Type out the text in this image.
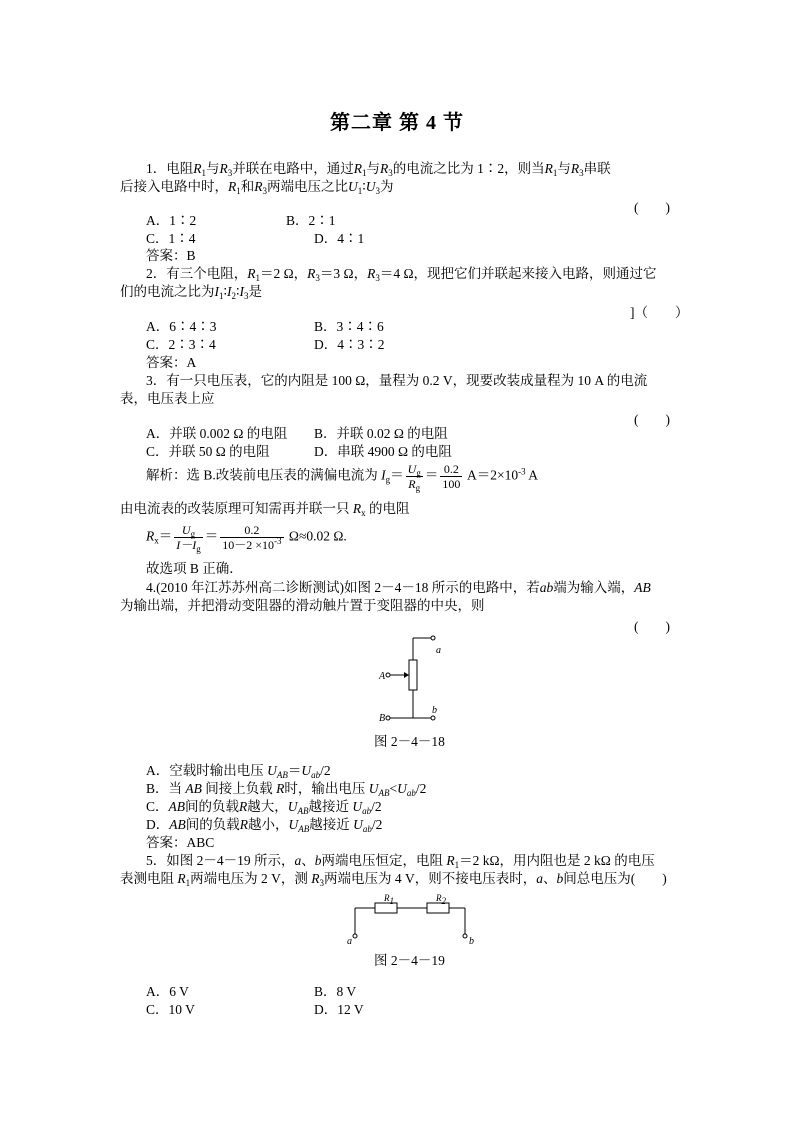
第二章 第 4 节
1．电阻$R_1$与$R_3$并联在电路中，通过$R_1$与$R_3$的电流之比为 1∶2，则当$R_1$与$R_3$串联
后接入电路中时，$R_1$和$R_3$两端电压之比$U_1∶U_3$为
(　　)
A．1∶2	B．2∶1
C．1∶4	D．4∶1
答案：B
2．有三个电阻，$R_1=2$ Ω，$R_3=3$ Ω，$R_3=4$ Ω，现把它们并联起来接入电路，则通过它
们的电流之比为$I_1∶I_2∶I_3$是
]（　　）
A．6∶4∶3	B．3∶4∶6
C．2∶3∶4	D．4∶3∶2
答案：A
3．有一只电压表，它的内阻是 100 Ω，量程为 0.2 V，现要改装成量程为 10 A 的电流
表，电压表上应
(　　)
A．并联 0.002 Ω 的电阻	B．并联 0.02 Ω 的电阻
C．并联 50 Ω 的电阻	D．串联 4900 Ω 的电阻
解析：选 B.改装前电压表的满偏电流为 $I_g= \frac{U_g}{R_g} = \frac{0.2}{100} A=2\times 10^{-3}$ A
由电流表的改装原理可知需再并联一只 $R_x$ 的电阻
$R_x= \frac{U_g}{I-I_g} = \frac{0.2}{10-2 \times 10^{-3}} \Omega\approx 0.02$ Ω.
故选项 B 正确．
4.(2010 年江苏苏州高二诊断测试)如图 2－4－18 所示的电路中，若ab端为输入端，AB
为输出端，并把滑动变阻器的滑动触片置于变阻器的中央，则
(　　)
a
A
B
b
图 2－4－18
A．空载时输出电压 $U_{AB}=U_{ab}/2$
B．当 AB 间接上负载 R时，输出电压 $U_{AB}<U_{ab}/2$
C．AB间的负载R越大，$U_{AB}$越接近 $U_{ab}/2$
D．AB间的负载R越小，$U_{AB}$越接近 $U_{ab}/2$
答案：ABC
5．如图 2－4－19 所示，a、b两端电压恒定，电阻 $R_1=2$ kΩ，用内阻也是 2 kΩ 的电压
表测电阻 $R_1$两端电压为 2 V，测 $R_3$两端电压为 4 V，则不接电压表时，a、b间总电压为(　　)
$R_1$	$R_2$
a	b
图 2－4－19
A．6 V	B．8 V
C．10 V	D．12 V
